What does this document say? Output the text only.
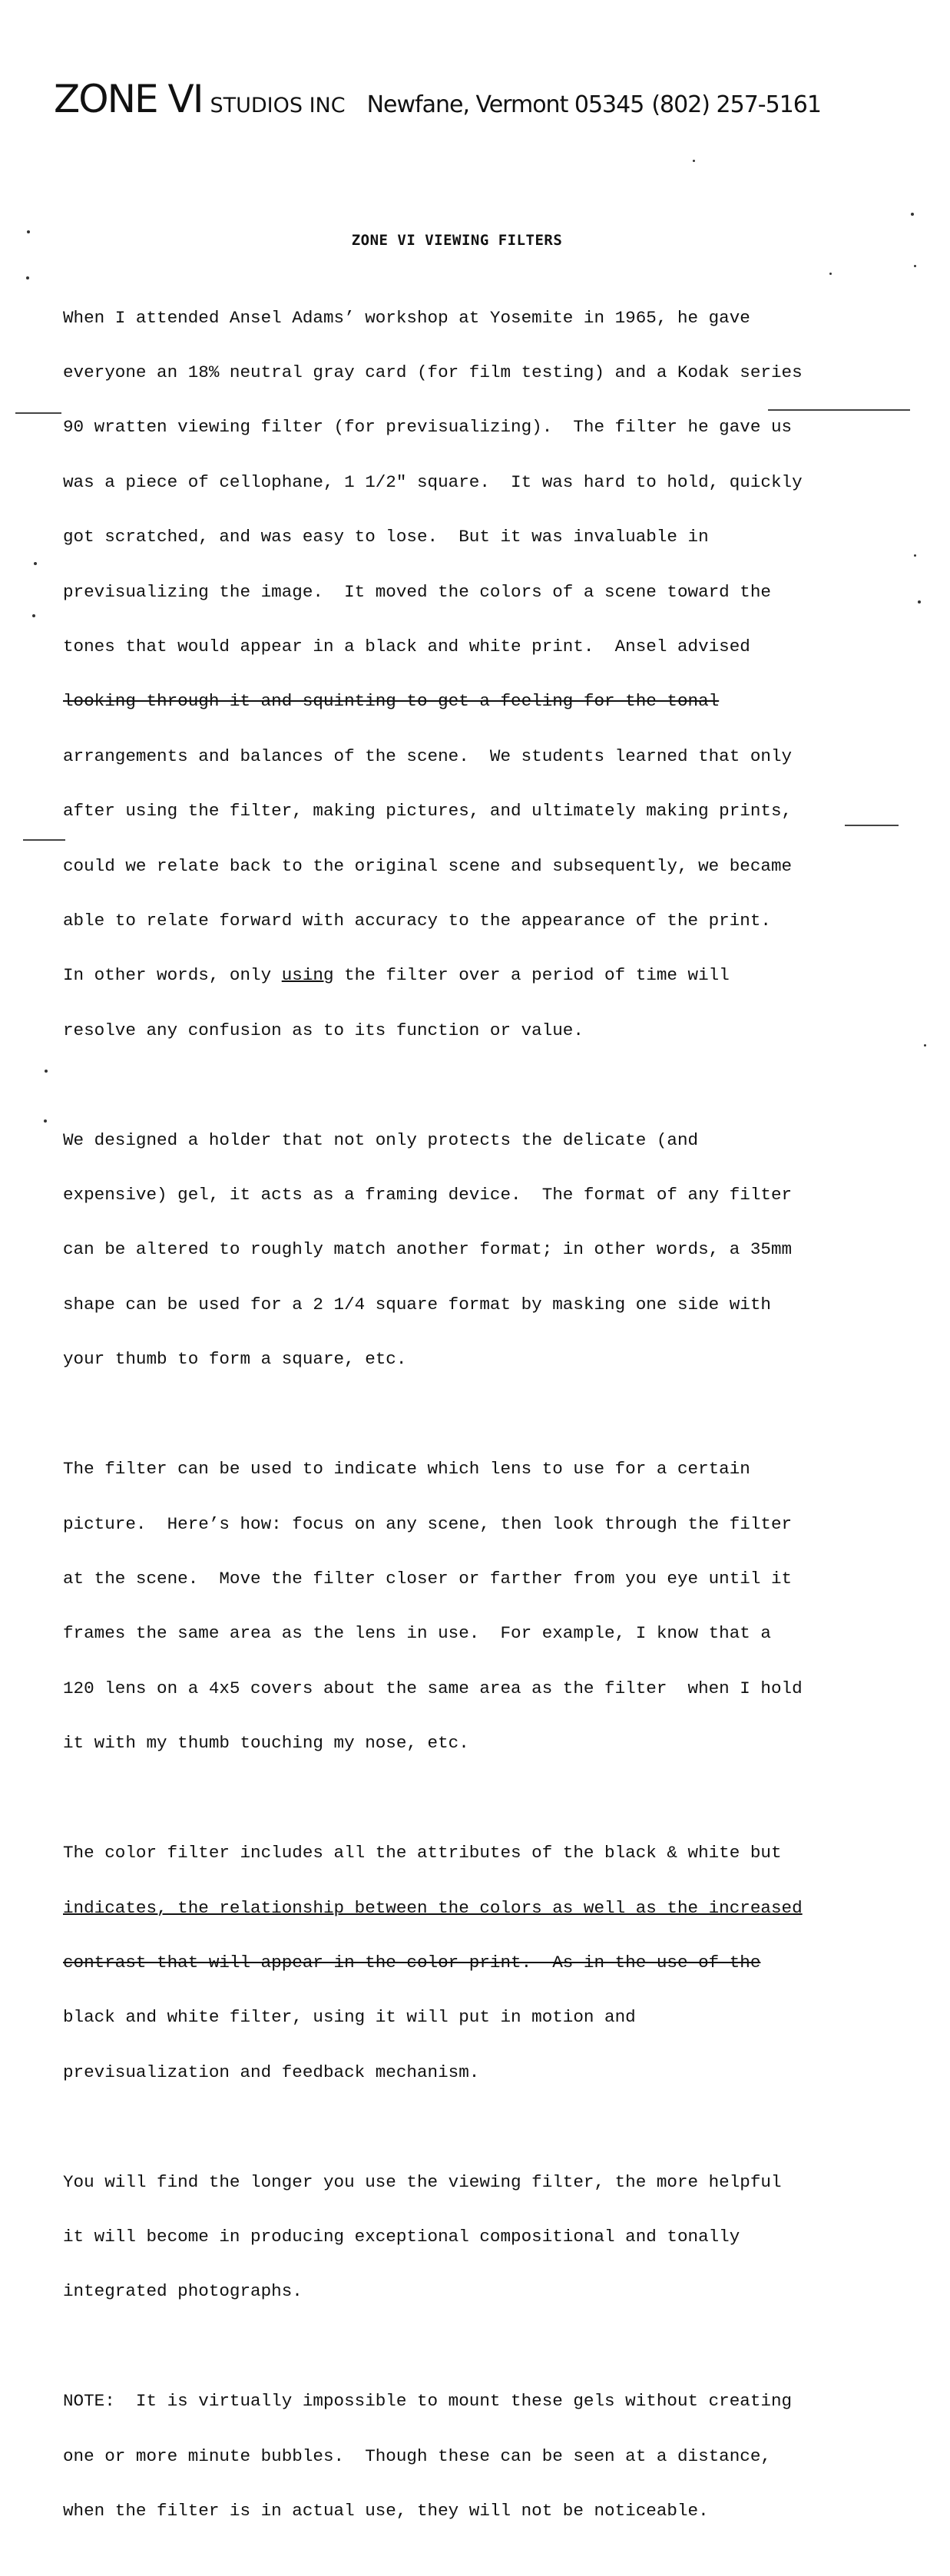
ZONE VI STUDIOS INC Newfane, Vermont 05345 (802) 257-5161
ZONE VI VIEWING FILTERS

When I attended Ansel Adams’ workshop at Yosemite in 1965, he gave

everyone an 18% neutral gray card (for film testing) and a Kodak series

90 wratten viewing filter (for previsualizing).  The filter he gave us

was a piece of cellophane, 1 1/2" square.  It was hard to hold, quickly

got scratched, and was easy to lose.  But it was invaluable in

previsualizing the image.  It moved the colors of a scene toward the

tones that would appear in a black and white print.  Ansel advised

looking through it and squinting to get a feeling for the tonal

arrangements and balances of the scene.  We students learned that only

after using the filter, making pictures, and ultimately making prints,

could we relate back to the original scene and subsequently, we became

able to relate forward with accuracy to the appearance of the print.

In other words, only using the filter over a period of time will

resolve any confusion as to its function or value.

We designed a holder that not only protects the delicate (and

expensive) gel, it acts as a framing device.  The format of any filter

can be altered to roughly match another format; in other words, a 35mm

shape can be used for a 2 1/4 square format by masking one side with

your thumb to form a square, etc.

The filter can be used to indicate which lens to use for a certain

picture.  Here’s how: focus on any scene, then look through the filter

at the scene.  Move the filter closer or farther from you eye until it

frames the same area as the lens in use.  For example, I know that a

120 lens on a 4x5 covers about the same area as the filter  when I hold

it with my thumb touching my nose, etc.

The color filter includes all the attributes of the black & white but

indicates, the relationship between the colors as well as the increased

contrast that will appear in the color print.  As in the use of the

black and white filter, using it will put in motion and

previsualization and feedback mechanism.

You will find the longer you use the viewing filter, the more helpful

it will become in producing exceptional compositional and tonally

integrated photographs.

NOTE:  It is virtually impossible to mount these gels without creating

one or more minute bubbles.  Though these can be seen at a distance,

when the filter is in actual use, they will not be noticeable.
